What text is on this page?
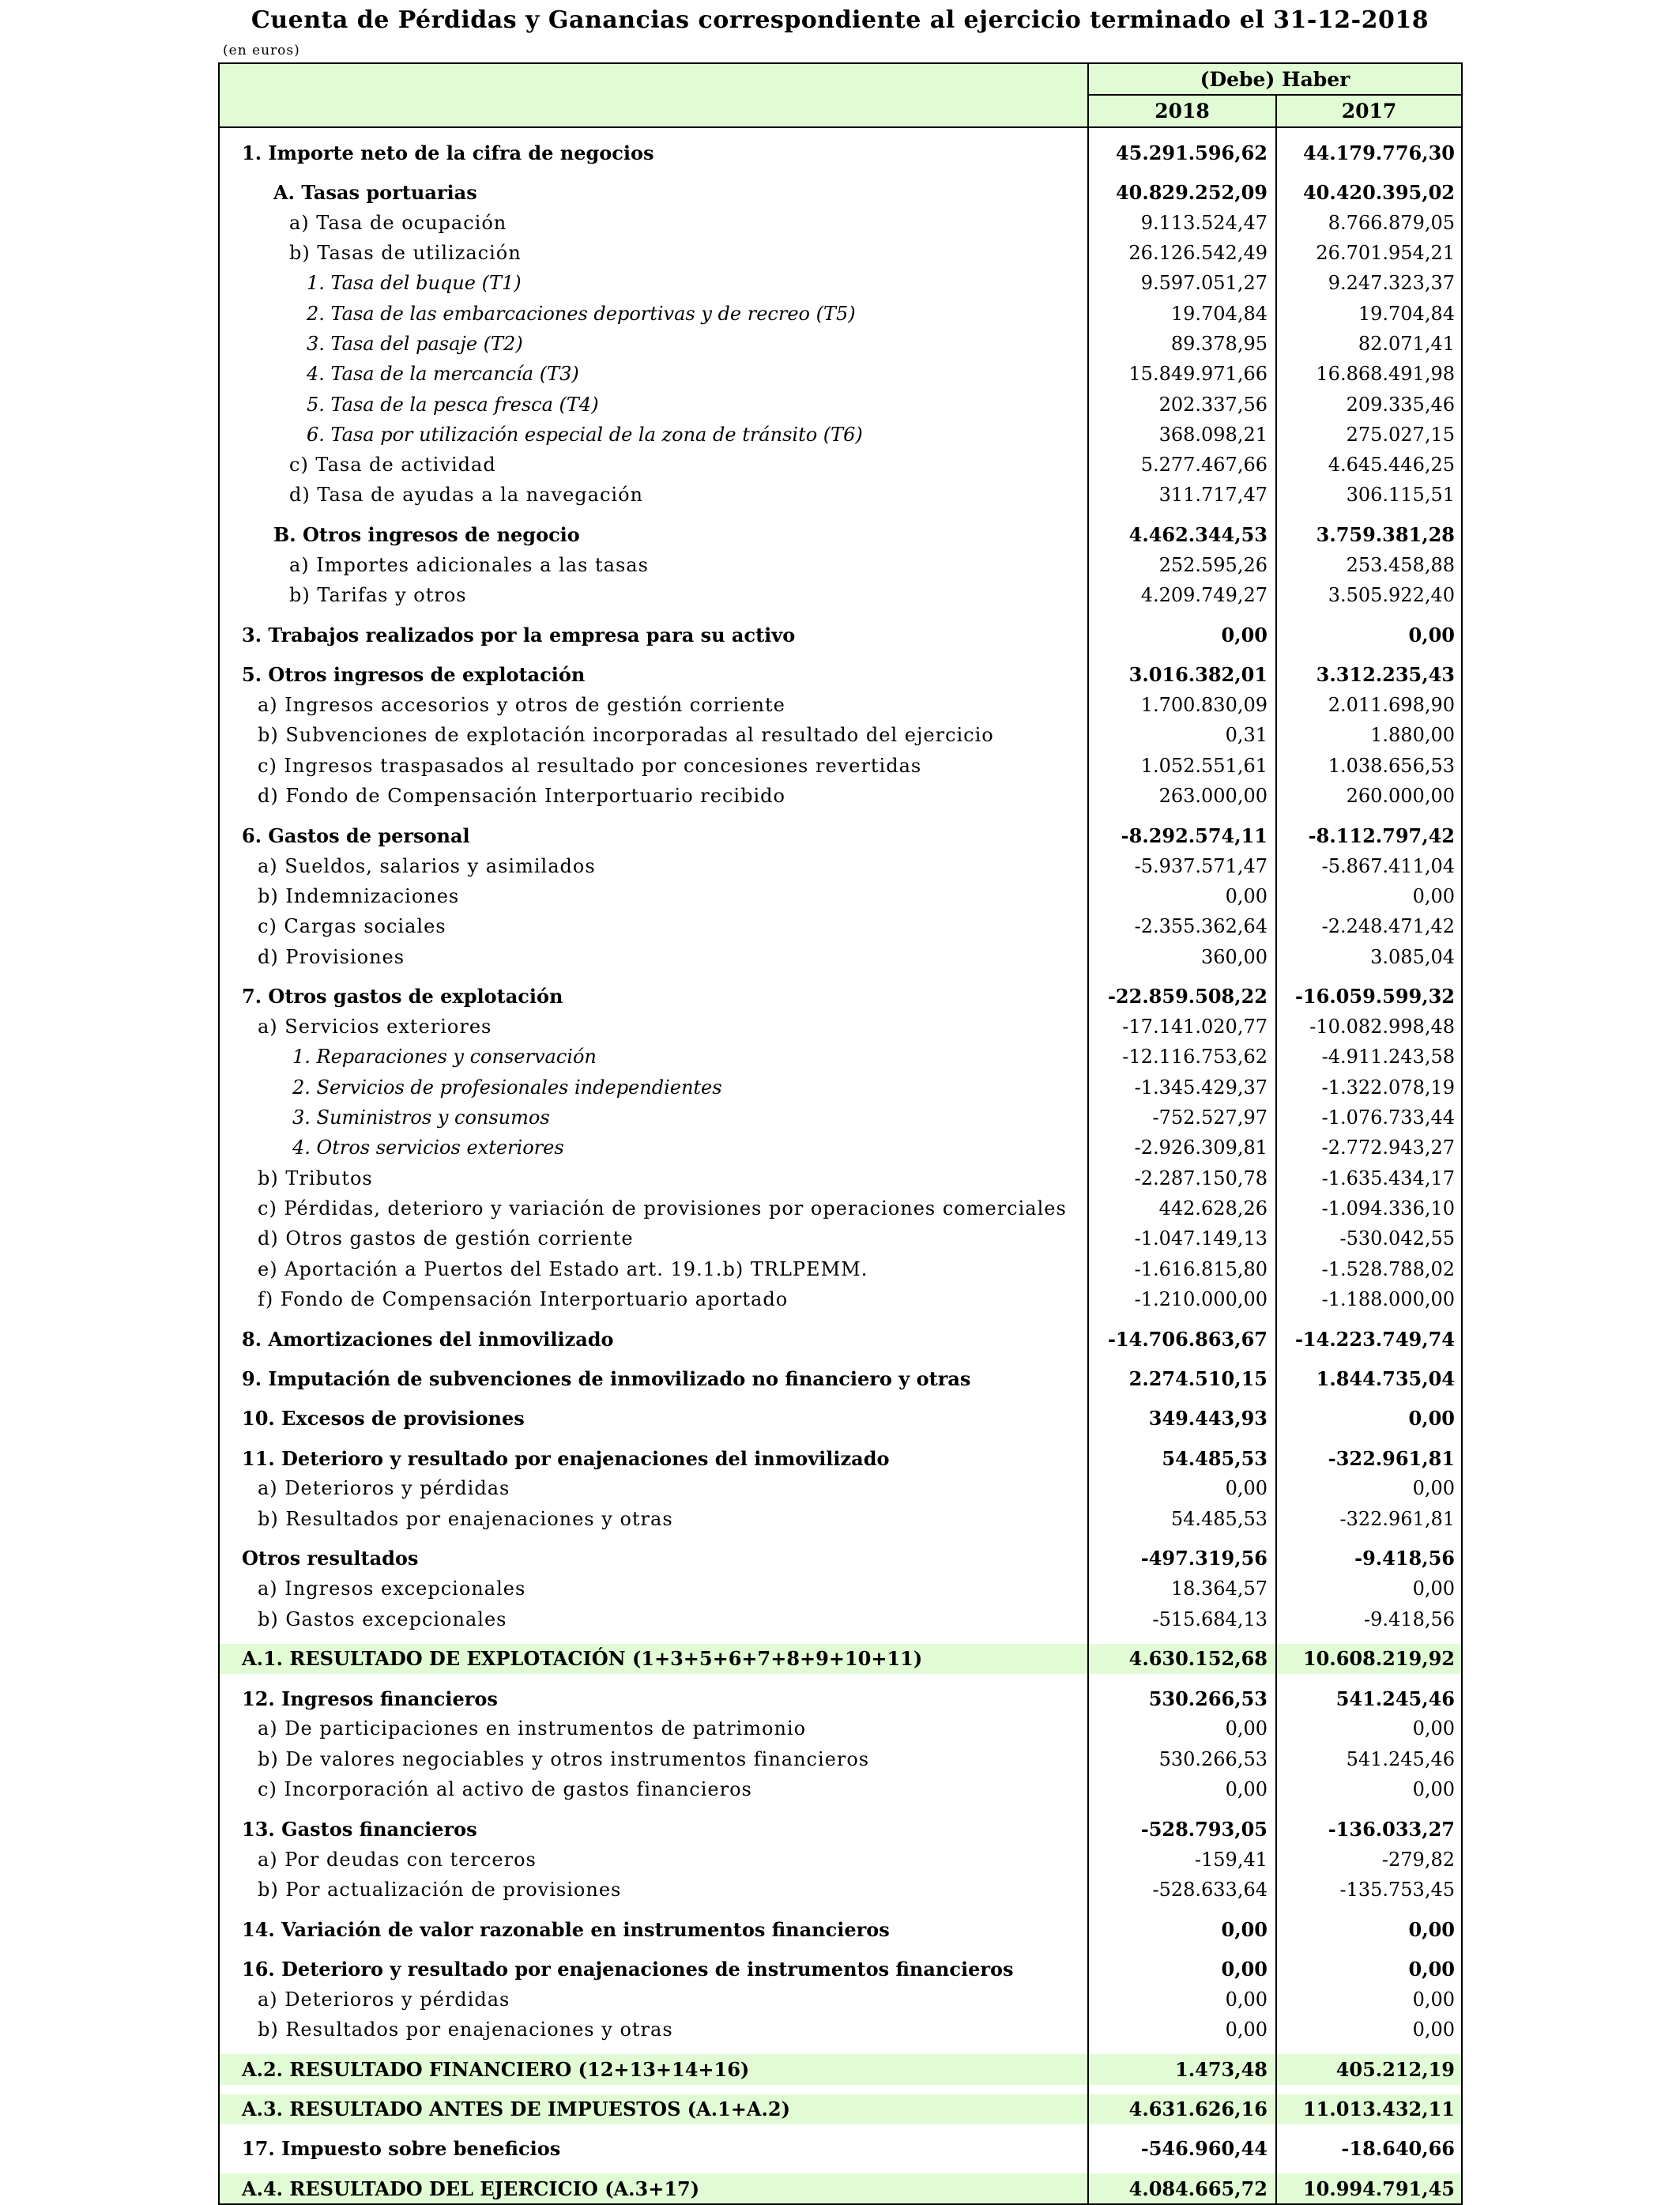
Cuenta de Pérdidas y Ganancias correspondiente al ejercicio terminado el 31-12-2018
(en euros)
	(Debe) Haber	
	2018	2017

1. Importe neto de la cifra de negocios	45.291.596,62	44.179.776,30

A. Tasas portuarias	40.829.252,09	40.420.395,02
a) Tasa de ocupación	9.113.524,47	8.766.879,05
b) Tasas de utilización	26.126.542,49	26.701.954,21
1. Tasa del buque (T1)	9.597.051,27	9.247.323,37
2. Tasa de las embarcaciones deportivas y de recreo (T5)	19.704,84	19.704,84
3. Tasa del pasaje (T2)	89.378,95	82.071,41
4. Tasa de la mercancía (T3)	15.849.971,66	16.868.491,98
5. Tasa de la pesca fresca (T4)	202.337,56	209.335,46
6. Tasa por utilización especial de la zona de tránsito (T6)	368.098,21	275.027,15
c) Tasa de actividad	5.277.467,66	4.645.446,25
d) Tasa de ayudas a la navegación	311.717,47	306.115,51

B. Otros ingresos de negocio	4.462.344,53	3.759.381,28
a) Importes adicionales a las tasas	252.595,26	253.458,88
b) Tarifas y otros	4.209.749,27	3.505.922,40

3. Trabajos realizados por la empresa para su activo	0,00	0,00

5. Otros ingresos de explotación	3.016.382,01	3.312.235,43
a) Ingresos accesorios y otros de gestión corriente	1.700.830,09	2.011.698,90
b) Subvenciones de explotación incorporadas al resultado del ejercicio	0,31	1.880,00
c) Ingresos traspasados al resultado por concesiones revertidas	1.052.551,61	1.038.656,53
d) Fondo de Compensación Interportuario recibido	263.000,00	260.000,00

6. Gastos de personal	-8.292.574,11	-8.112.797,42
a) Sueldos, salarios y asimilados	-5.937.571,47	-5.867.411,04
b) Indemnizaciones	0,00	0,00
c) Cargas sociales	-2.355.362,64	-2.248.471,42
d) Provisiones	360,00	3.085,04

7. Otros gastos de explotación	-22.859.508,22	-16.059.599,32
a) Servicios exteriores	-17.141.020,77	-10.082.998,48
1. Reparaciones y conservación	-12.116.753,62	-4.911.243,58
2. Servicios de profesionales independientes	-1.345.429,37	-1.322.078,19
3. Suministros y consumos	-752.527,97	-1.076.733,44
4. Otros servicios exteriores	-2.926.309,81	-2.772.943,27
b) Tributos	-2.287.150,78	-1.635.434,17
c) Pérdidas, deterioro y variación de provisiones por operaciones comerciales	442.628,26	-1.094.336,10
d) Otros gastos de gestión corriente	-1.047.149,13	-530.042,55
e) Aportación a Puertos del Estado art. 19.1.b) TRLPEMM.	-1.616.815,80	-1.528.788,02
f) Fondo de Compensación Interportuario aportado	-1.210.000,00	-1.188.000,00

8. Amortizaciones del inmovilizado	-14.706.863,67	-14.223.749,74

9. Imputación de subvenciones de inmovilizado no financiero y otras	2.274.510,15	1.844.735,04

10. Excesos de provisiones	349.443,93	0,00

11. Deterioro y resultado por enajenaciones del inmovilizado	54.485,53	-322.961,81
a) Deterioros y pérdidas	0,00	0,00
b) Resultados por enajenaciones y otras	54.485,53	-322.961,81

Otros resultados	-497.319,56	-9.418,56
a) Ingresos excepcionales	18.364,57	0,00
b) Gastos excepcionales	-515.684,13	-9.418,56

A.1. RESULTADO DE EXPLOTACIÓN (1+3+5+6+7+8+9+10+11)	4.630.152,68	10.608.219,92

12. Ingresos financieros	530.266,53	541.245,46
a) De participaciones en instrumentos de patrimonio	0,00	0,00
b) De valores negociables y otros instrumentos financieros	530.266,53	541.245,46
c) Incorporación al activo de gastos financieros	0,00	0,00

13. Gastos financieros	-528.793,05	-136.033,27
a) Por deudas con terceros	-159,41	-279,82
b) Por actualización de provisiones	-528.633,64	-135.753,45

14. Variación de valor razonable en instrumentos financieros	0,00	0,00

16. Deterioro y resultado por enajenaciones de instrumentos financieros	0,00	0,00
a) Deterioros y pérdidas	0,00	0,00
b) Resultados por enajenaciones y otras	0,00	0,00

A.2. RESULTADO FINANCIERO (12+13+14+16)	1.473,48	405.212,19

A.3. RESULTADO ANTES DE IMPUESTOS (A.1+A.2)	4.631.626,16	11.013.432,11

17. Impuesto sobre beneficios	-546.960,44	-18.640,66

A.4. RESULTADO DEL EJERCICIO (A.3+17)	4.084.665,72	10.994.791,45
